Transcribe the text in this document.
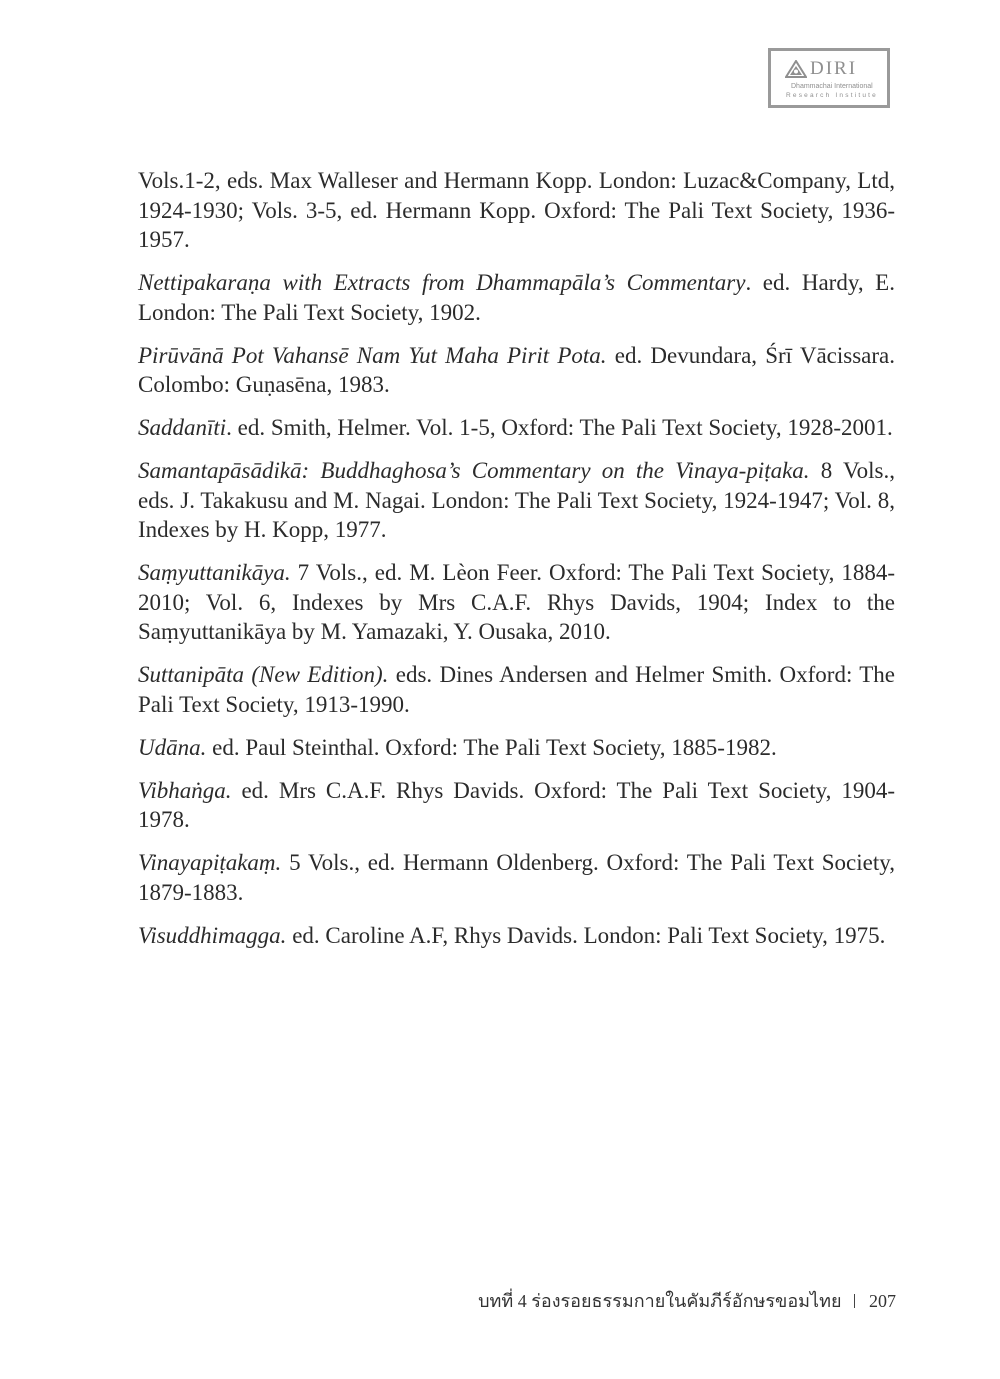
DIRI
Dhammachai International
Research Institute
Vols.1-2, eds. Max Walleser and Hermann Kopp. London: Luzac&Company, Ltd, 1924-1930; Vols. 3-5, ed. Hermann Kopp. Oxford: The Pali Text Society, 1936-1957.
Nettipakaraṇa with Extracts from Dhammapāla’s Commentary. ed. Hardy, E. London: The Pali Text Society, 1902.
Pirūvānā Pot Vahansē Nam Yut Maha Pirit Pota. ed. Devundara, Śrī Vācissara. Colombo: Guṇasēna, 1983.
Saddanīti. ed. Smith, Helmer. Vol. 1-5, Oxford: The Pali Text Society, 1928-2001.
Samantapāsādikā: Buddhaghosa’s Commentary on the Vinaya-piṭaka. 8 Vols., eds. J. Takakusu and M. Nagai. London: The Pali Text Society, 1924-1947; Vol. 8, Indexes by H. Kopp, 1977.
Saṃyuttanikāya. 7 Vols., ed. M. Lèon Feer. Oxford: The Pali Text Society, 1884-2010; Vol. 6, Indexes by Mrs C.A.F. Rhys Davids, 1904; Index to the Saṃyuttanikāya by M. Yamazaki, Y. Ousaka, 2010.
Suttanipāta (New Edition). eds. Dines Andersen and Helmer Smith. Oxford: The Pali Text Society, 1913-1990.
Udāna. ed. Paul Steinthal. Oxford: The Pali Text Society, 1885-1982.
Vibhaṅga. ed. Mrs C.A.F. Rhys Davids. Oxford: The Pali Text Society, 1904-1978.
Vinayapiṭakaṃ. 5 Vols., ed. Hermann Oldenberg. Oxford: The Pali Text Society, 1879-1883.
Visuddhimagga. ed. Caroline A.F, Rhys Davids. London: Pali Text Society, 1975.
บทที่ 4 ร่องรอยธรรมกายในคัมภีร์อักษรขอมไทย 207
